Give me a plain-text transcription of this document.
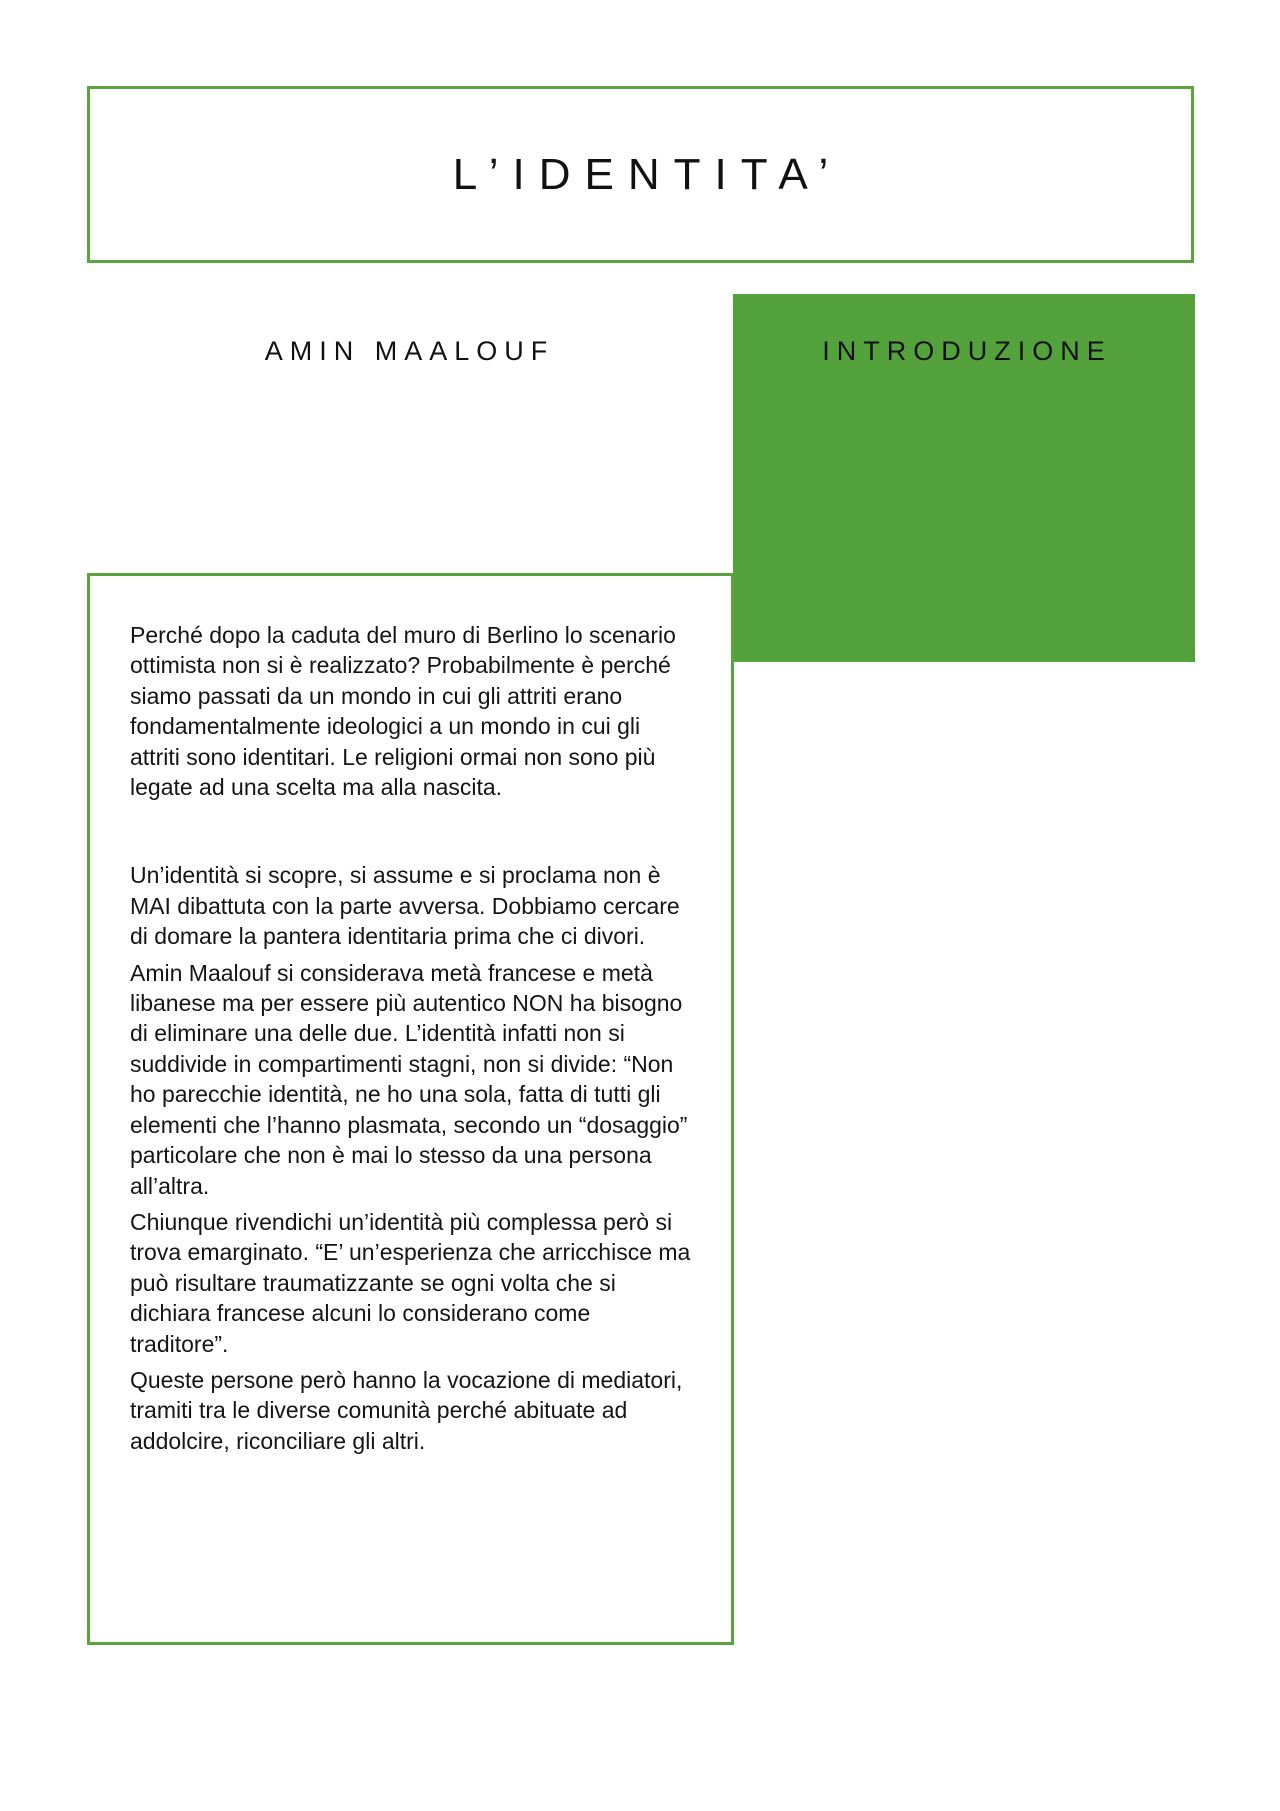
L’IDENTITA’

AMIN MAALOUF	INTRODUZIONE

Perché dopo la caduta del muro di Berlino lo scenario ottimista non si è realizzato? Probabilmente è perché siamo passati da un mondo in cui gli attriti erano fondamentalmente ideologici a un mondo in cui gli attriti sono identitari. Le religioni ormai non sono più legate ad una scelta ma alla nascita.

Un’identità si scopre, si assume e si proclama non è MAI dibattuta con la parte avversa. Dobbiamo cercare di domare la pantera identitaria prima che ci divori.

Amin Maalouf si considerava metà francese e metà libanese ma per essere più autentico NON ha bisogno di eliminare una delle due. L’identità infatti non si suddivide in compartimenti stagni, non si divide: “Non ho parecchie identità, ne ho una sola, fatta di tutti gli elementi che l’hanno plasmata, secondo un “dosaggio” particolare che non è mai lo stesso da una persona all’altra.

Chiunque rivendichi un’identità più complessa però si trova emarginato. “E’ un’esperienza che arricchisce ma può risultare traumatizzante se ogni volta che si dichiara francese alcuni lo considerano come traditore”.

Queste persone però hanno la vocazione di mediatori, tramiti tra le diverse comunità perché abituate ad addolcire, riconciliare gli altri.
